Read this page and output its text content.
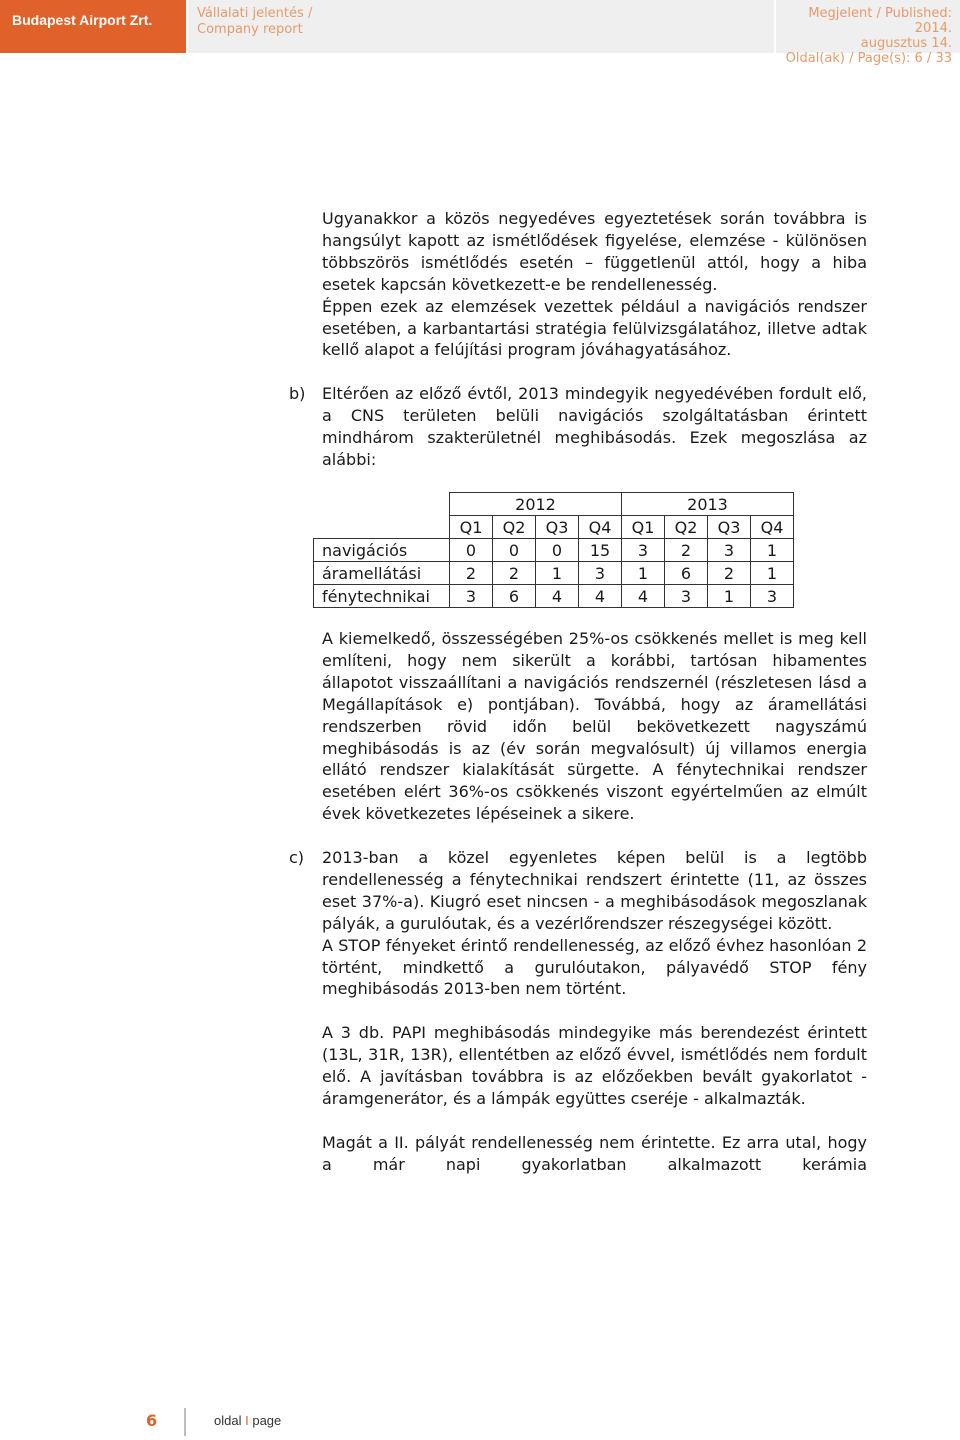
Budapest Airport Zrt.	Vállalati jelentés /
Company report
Megjelent / Published: 2014.
augusztus 14.
Oldal(ak) / Page(s): 6 / 33

Ugyanakkor a közös negyedéves egyeztetések során továbbra is hangsúlyt kapott az ismétlődések figyelése, elemzése - különösen többszörös ismétlődés esetén – függetlenül attól, hogy a hiba esetek kapcsán következett-e be rendellenesség.

Éppen ezek az elemzések vezettek például a navigációs rendszer esetében, a karbantartási stratégia felülvizsgálatához, illetve adtak kellő alapot a felújítási program jóváhagyatásához.

b) Eltérően az előző évtől, 2013 mindegyik negyedévében fordult elő, a CNS területen belüli navigációs szolgáltatásban érintett mindhárom szakterületnél meghibásodás. Ezek megoszlása az alábbi:

	2012				2013			
	Q1	Q2	Q3	Q4	Q1	Q2	Q3	Q4
navigációs	0	0	0	15	3	2	3	1
áramellátási	2	2	1	3	1	6	2	1
fénytechnikai	3	6	4	4	4	3	1	3

A kiemelkedő, összességében 25%-os csökkenés mellet is meg kell említeni, hogy nem sikerült a korábbi, tartósan hibamentes állapotot visszaállítani a navigációs rendszernél (részletesen lásd a Megállapítások e) pontjában). Továbbá, hogy az áramellátási rendszerben rövid időn belül bekövetkezett nagyszámú meghibásodás is az (év során megvalósult) új villamos energia ellátó rendszer kialakítását sürgette. A fénytechnikai rendszer esetében elért 36%-os csökkenés viszont egyértelműen az elmúlt évek következetes lépéseinek a sikere.

c) 2013-ban a közel egyenletes képen belül is a legtöbb rendellenesség a fénytechnikai rendszert érintette (11, az összes eset 37%-a). Kiugró eset nincsen - a meghibásodások megoszlanak pályák, a gurulóutak, és a vezérlőrendszer részegységei között.

A STOP fényeket érintő rendellenesség, az előző évhez hasonlóan 2 történt, mindkettő a gurulóutakon, pályavédő STOP fény meghibásodás 2013-ben nem történt.

A 3 db. PAPI meghibásodás mindegyike más berendezést érintett (13L, 31R, 13R), ellentétben az előző évvel, ismétlődés nem fordult elő. A javításban továbbra is az előzőekben bevált gyakorlatot - áramgenerátor, és a lámpák együttes cseréje - alkalmazták.

Magát a II. pályát rendellenesség nem érintette. Ez arra utal, hogy a már napi gyakorlatban alkalmazott kerámia

6	oldal I page
